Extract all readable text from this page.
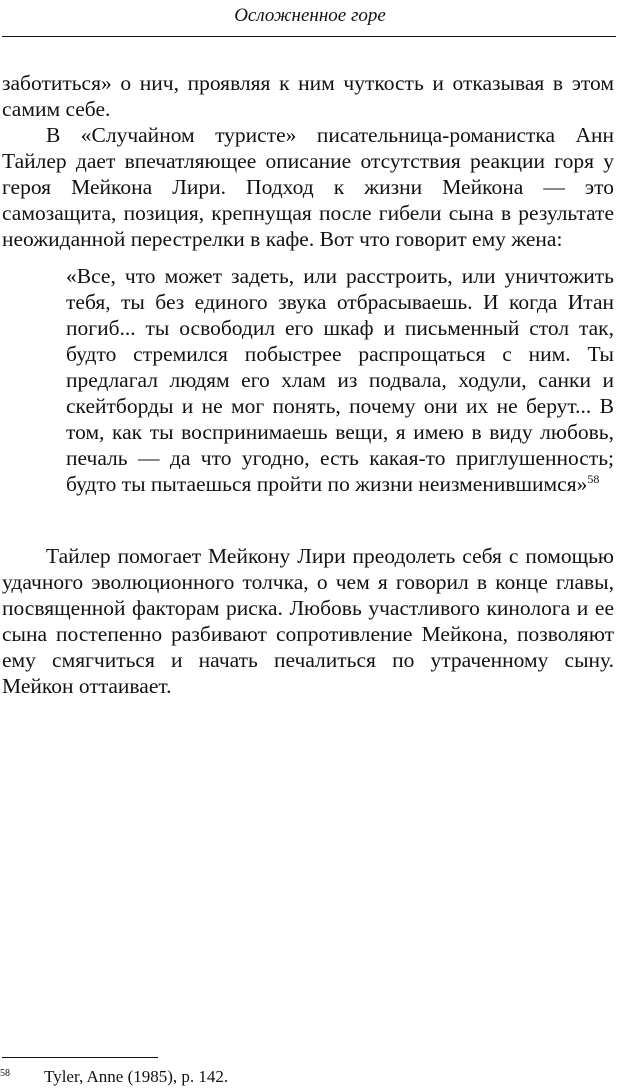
Осложненное горе

заботиться» о нич, проявляя к ним чуткость и отказывая в этом самим себе.

В «Случайном туристе» писательница-романистка Анн Тайлер дает впечатляющее описание отсутствия реакции горя у героя Мейкона Лири. Подход к жизни Мейкона — это самозащита, позиция, крепнущая после гибели сына в результате неожиданной перестрелки в кафе. Вот что говорит ему жена:

«Все, что может задеть, или расстроить, или уничтожить тебя, ты без единого звука отбрасываешь. И когда Итан погиб... ты освободил его шкаф и письменный стол так, будто стремился побыстрее распрощаться с ним. Ты предлагал людям его хлам из подвала, ходули, санки и скейтборды и не мог понять, почему они их не берут... В том, как ты воспринимаешь вещи, я имею в виду любовь, печаль — да что угодно, есть какая-то приглушенность; будто ты пытаешься пройти по жизни неизменившимся»$^{58}$

Тайлер помогает Мейкону Лири преодолеть себя с помощью удачного эволюционного толчка, о чем я говорил в конце главы, посвященной факторам риска. Любовь участливого кинолога и ее сына постепенно разбивают сопротивление Мейкона, позволяют ему смягчиться и начать печалиться по утраченному сыну. Мейкон оттаивает.

58 Tyler, Anne (1985), p. 142.
